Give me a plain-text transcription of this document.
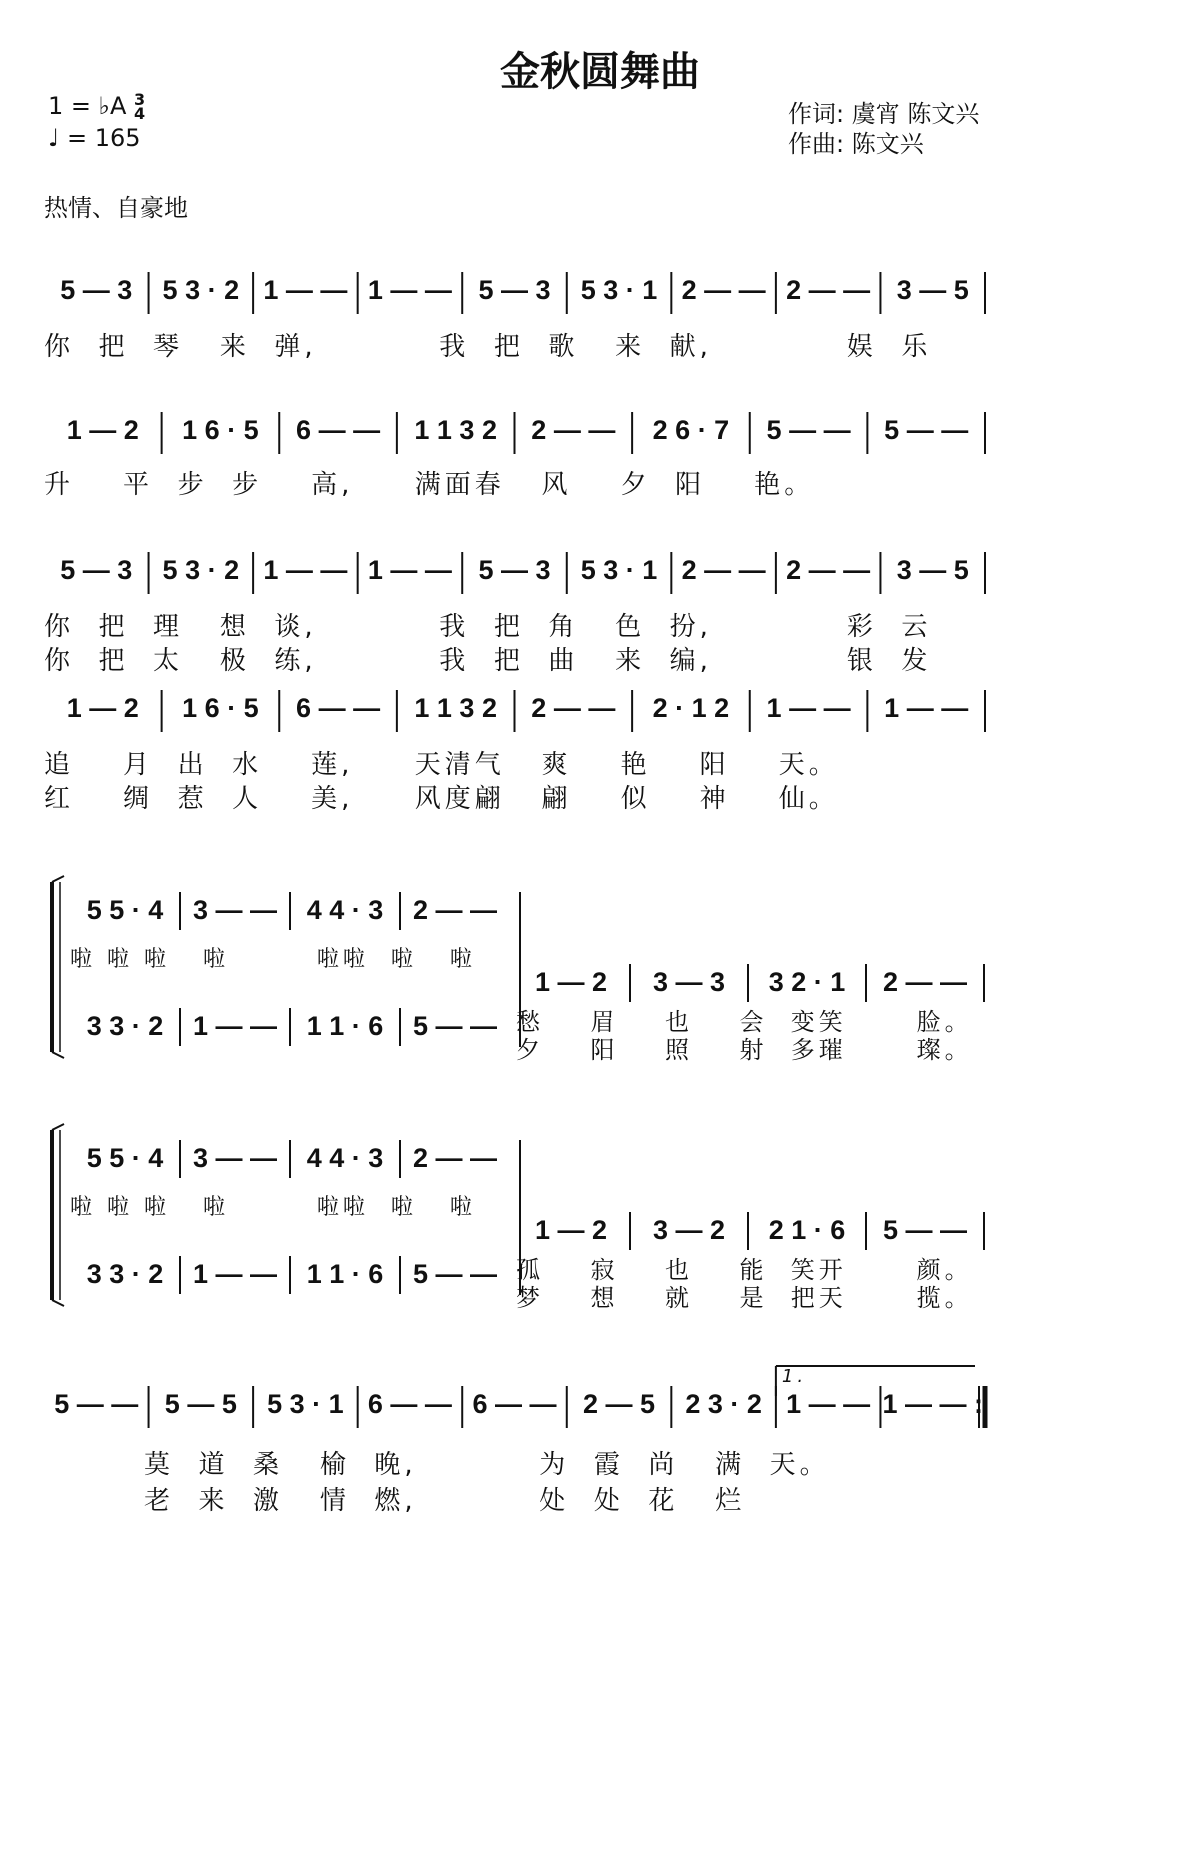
金秋圆舞曲
1 = ♭A 3
4
♩ = 165
作词: 虞宵 陈文兴
作曲: 陈文兴
热情、自豪地
5 — 3	5 3 · 2 1 — — 1 — — 5 — 3	5 3 · 1 2 — — 2 — — 3 — 5
你  把  琴   来  弹,          我  把  歌   来  献,           娱  乐
1 — 2	1 6 · 5	6 — —	1 1 3 2	2 — —	2 6 · 7	5 — —	5 — —
升    平  步  步    高,     满面春   风    夕  阳    艳。
5 — 3	5 3 · 2 1 — — 1 — — 5 — 3	5 3 · 1 2 — — 2 — — 3 — 5
你  把  理   想  谈,          我  把  角   色  扮,           彩  云
你  把  太   极  练,          我  把  曲   来  编,           银  发
1 — 2	1 6 · 5	6 — —	1 1 3 2	2 — —	2 · 1 2	1 — —	1 — —
追    月  出  水    莲,     天清气   爽    艳    阳    天。
红    绸  惹  人    美,     风度翩   翩    似    神    仙。
5 5 · 4	3 — —	4 4 · 3	2 — —
啦 啦 啦   啦        啦啦  啦   啦
3 3 · 2	1 — —	1 1 · 6	5 — —
1 — 2	3 — 3	3 2 · 1	2 — —
愁    眉    也    会  变笑      脸。
夕    阳    照    射  多璀      璨。
5 5 · 4	3 — —	4 4 · 3	2 — —
啦 啦 啦   啦        啦啦  啦   啦
3 3 · 2	1 — —	1 1 · 6	5 — —
1 — 2	3 — 2	2 1 · 6	5 — —
孤    寂    也    能  笑开      颜。
梦    想    就    是  把天      揽。
5 — — 5 — 5	5 3 · 1 6 — — 6 — — 2 — 5	2 3 · 2 1 — — 1 — — :
1.
莫  道  桑   榆  晚,          为  霞  尚   满  天。
老  来  激   情  燃,          处  处  花   烂
